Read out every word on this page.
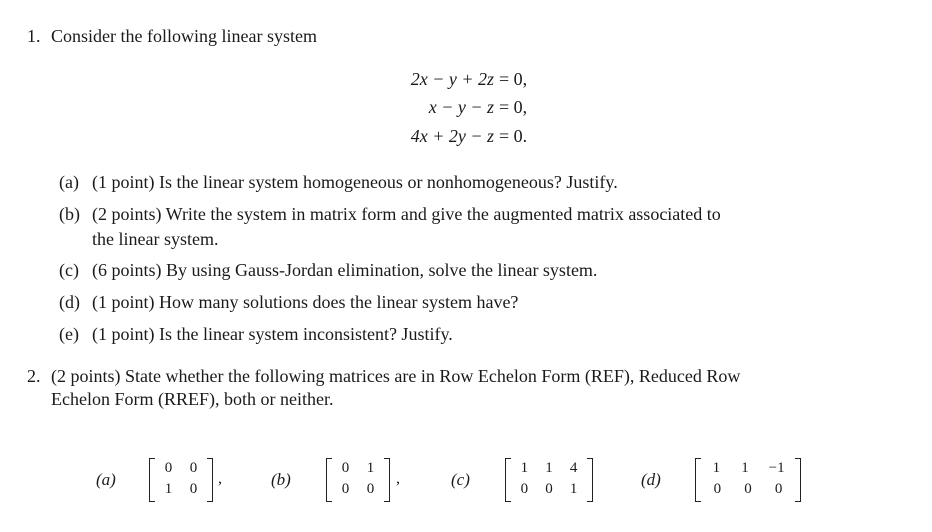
1. Consider the following linear system
2x − y + 2z = 0,
x − y − z = 0,
4x + 2y − z = 0.
(a) (1 point) Is the linear system homogeneous or nonhomogeneous? Justify.
(b) (2 points) Write the system in matrix form and give the augmented matrix associated to
the linear system.
(c) (6 points) By using Gauss-Jordan elimination, solve the linear system.
(d) (1 point) How many solutions does the linear system have?
(e) (1 point) Is the linear system inconsistent? Justify.
2. (2 points) State whether the following matrices are in Row Echelon Form (REF), Reduced Row
Echelon Form (RREF), both or neither.
(a)
0 0
1 0
,	(b)
0 1
0 0
,	(c)
1 1 4
0 0 1	(d)
1 1 −1
0 0 0
